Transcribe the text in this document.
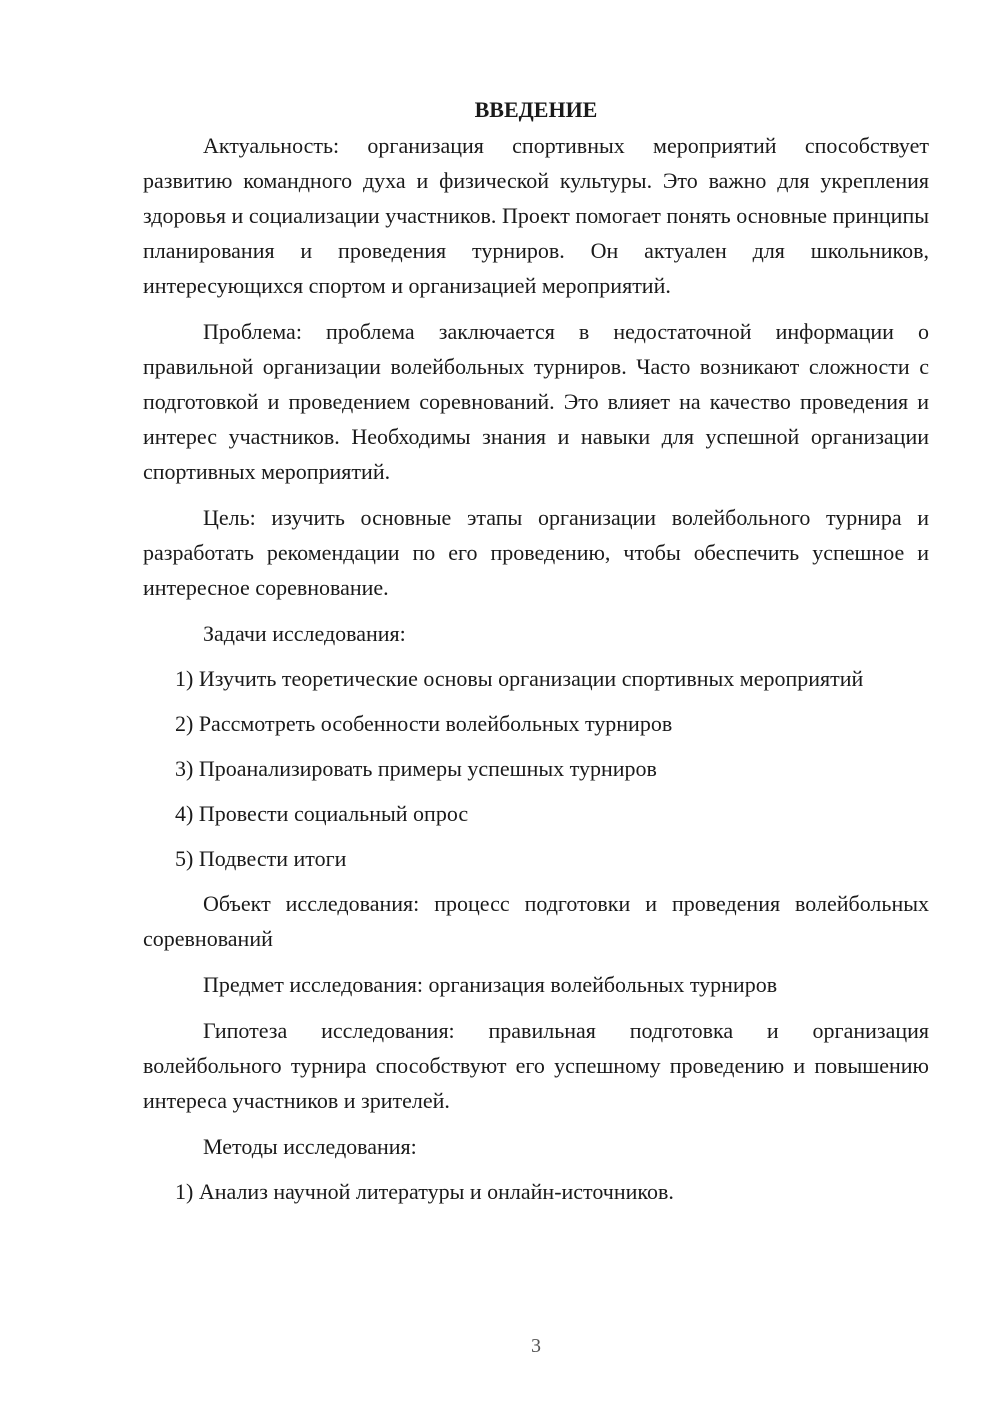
ВВЕДЕНИЕ

Актуальность: организация спортивных мероприятий способствует развитию командного духа и физической культуры. Это важно для укрепления здоровья и социализации участников. Проект помогает понять основные принципы планирования и проведения турниров. Он актуален для школьников, интересующихся спортом и организацией мероприятий.

Проблема: проблема заключается в недостаточной информации о правильной организации волейбольных турниров. Часто возникают сложности с подготовкой и проведением соревнований. Это влияет на качество проведения и интерес участников. Необходимы знания и навыки для успешной организации спортивных мероприятий.

Цель: изучить основные этапы организации волейбольного турнира и разработать рекомендации по его проведению, чтобы обеспечить успешное и интересное соревнование.

Задачи исследования:

1) Изучить теоретические основы организации спортивных мероприятий

2) Рассмотреть особенности волейбольных турниров

3) Проанализировать примеры успешных турниров

4) Провести социальный опрос

5) Подвести итоги

Объект исследования: процесс подготовки и проведения волейбольных соревнований

Предмет исследования: организация волейбольных турниров

Гипотеза исследования: правильная подготовка и организация волейбольного турнира способствуют его успешному проведению и повышению интереса участников и зрителей.

Методы исследования:

1) Анализ научной литературы и онлайн-источников.

3
